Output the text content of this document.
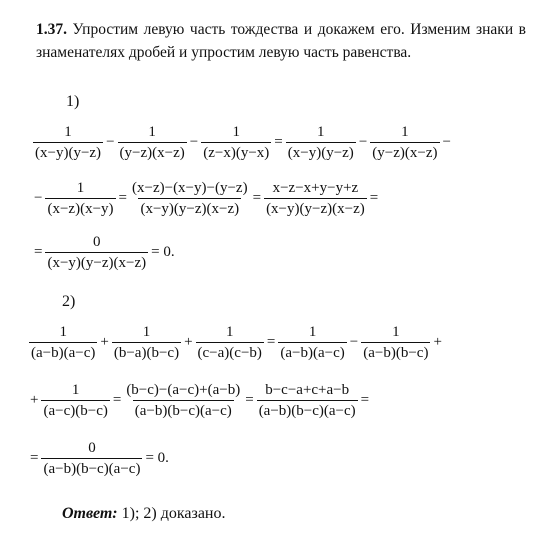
1.37. Упростим левую часть тождества и докажем его. Изменим знаки в знаменателях дробей и упростим левую часть равенства.
1)
$\frac{1}{(x-y)(y-z)} - \frac{1}{(y-z)(x-z)} - \frac{1}{(z-x)(y-x)} = \frac{1}{(x-y)(y-z)} - \frac{1}{(y-z)(x-z)}$ −
− $\frac{1}{(x-z)(x-y)} = \frac{(x-z)-(x-y)-(y-z)}{(x-y)(y-z)(x-z)} = \frac{x-z-x+y-y+z}{(x-y)(y-z)(x-z)}$ =
= $\frac{0}{(x-y)(y-z)(x-z)} = 0$.
2)
$\frac{1}{(a-b)(a-c)} + \frac{1}{(b-a)(b-c)} + \frac{1}{(c-a)(c-b)} = \frac{1}{(a-b)(a-c)} - \frac{1}{(a-b)(b-c)}$ +
+ $\frac{1}{(a-c)(b-c)} = \frac{(b-c)-(a-c)+(a-b)}{(a-b)(b-c)(a-c)} = \frac{b-c-a+c+a-b}{(a-b)(b-c)(a-c)}$ =
= $\frac{0}{(a-b)(b-c)(a-c)} = 0$.
Ответ: 1); 2) доказано.
